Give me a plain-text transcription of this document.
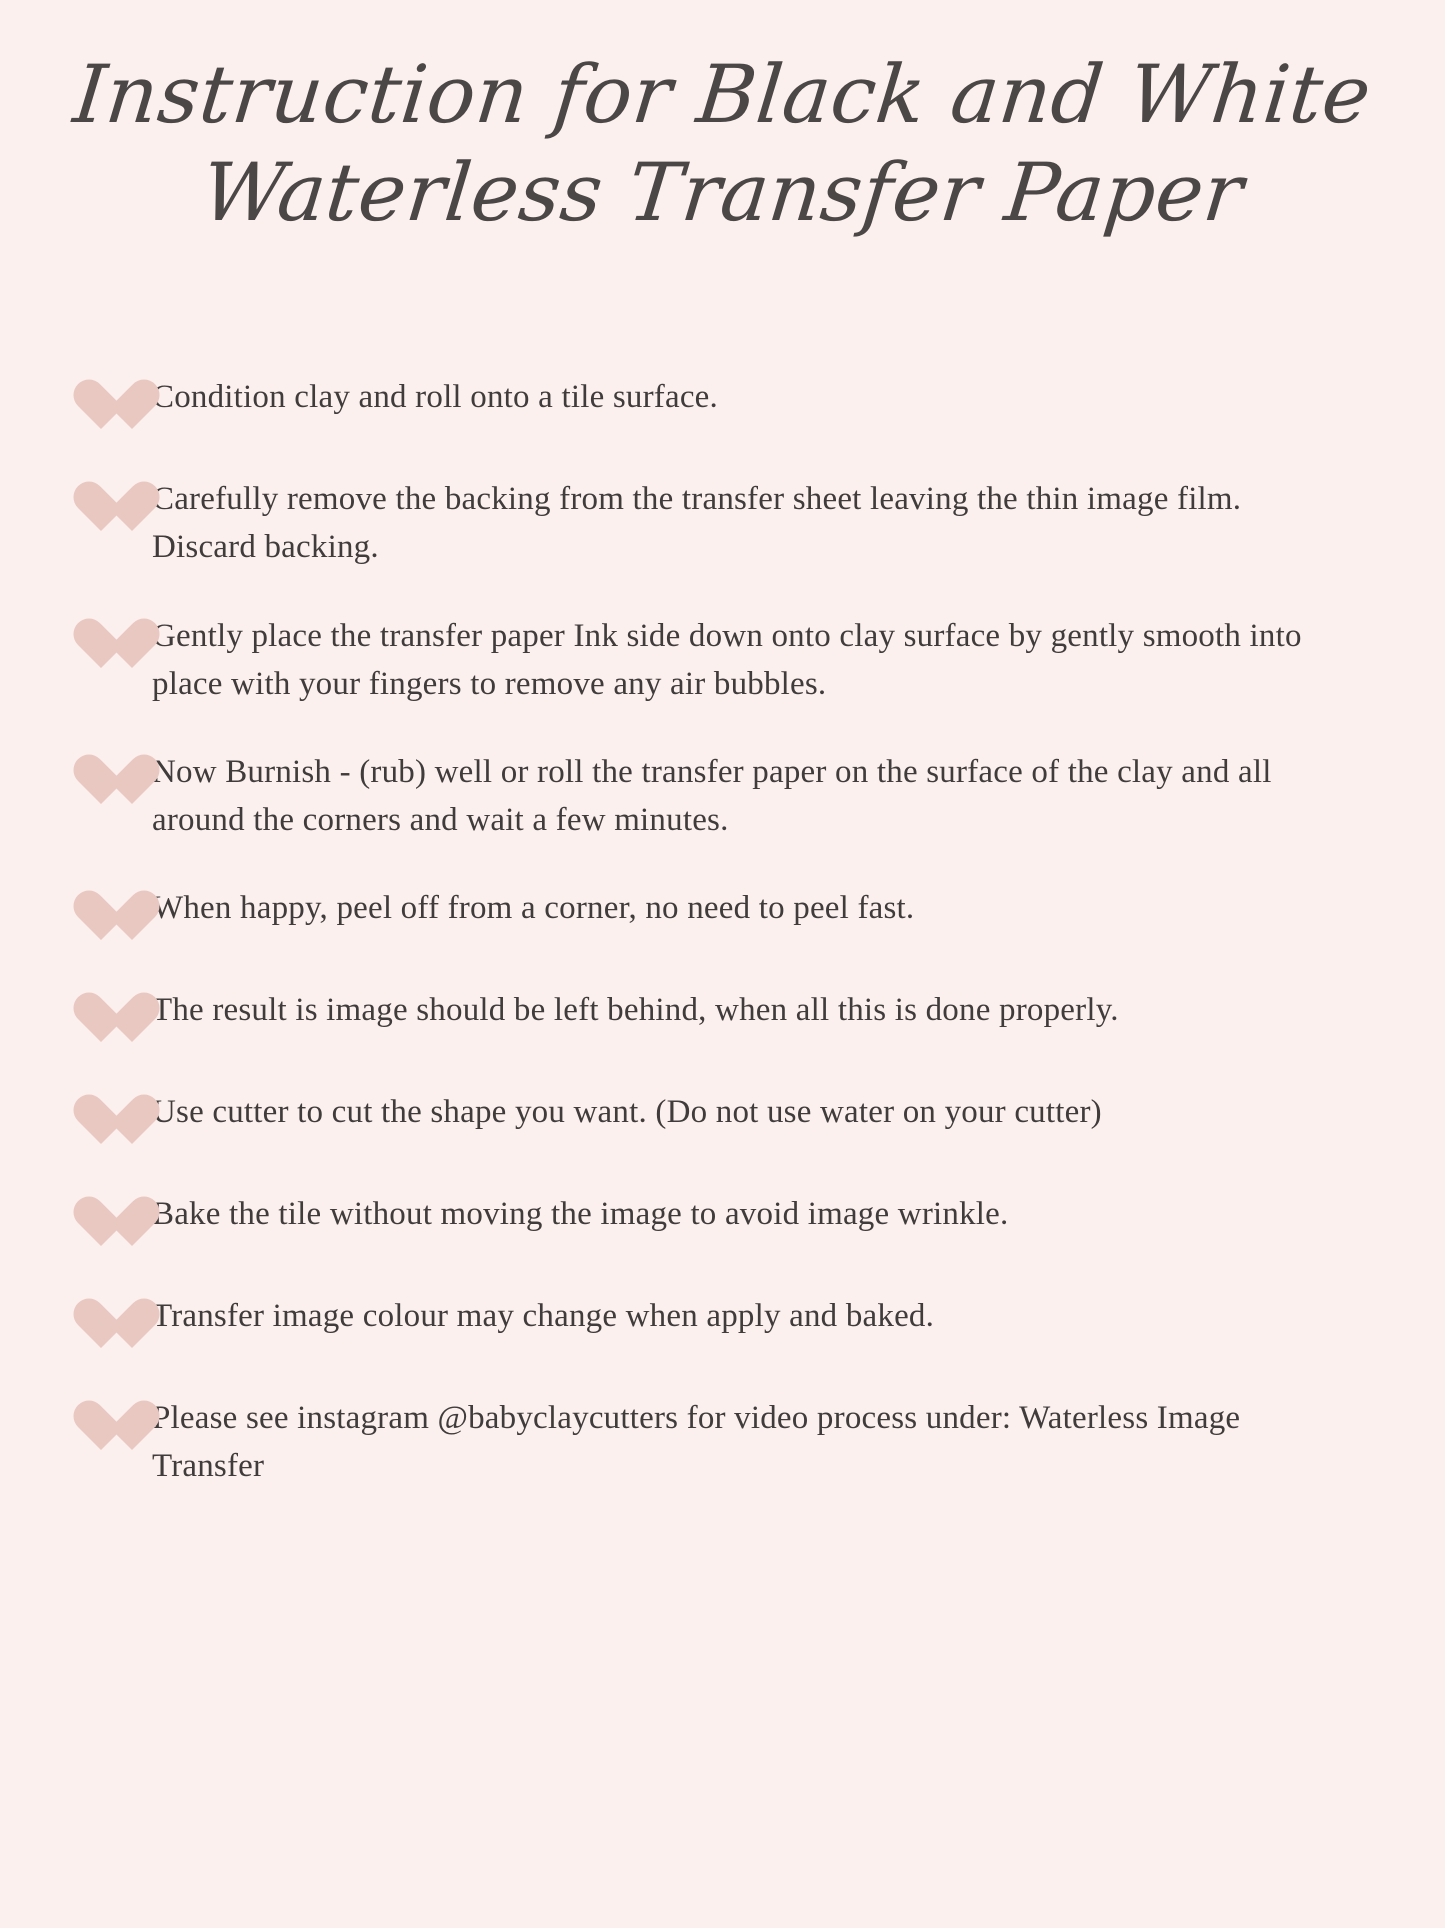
Instruction for Black and White
Waterless Transfer Paper
Condition clay and roll onto a tile surface.
Carefully remove the backing from the transfer sheet leaving the thin image film. Discard backing.
Gently place the transfer paper Ink side down onto clay surface by gently smooth into place with your fingers to remove any air bubbles.
Now Burnish - (rub) well or roll the transfer paper on the surface of the clay and all around the corners and wait a few minutes.
When happy, peel off from a corner, no need to peel fast.
The result is image should be left behind, when all this is done properly.
Use cutter to cut the shape you want. (Do not use water on your cutter)
Bake the tile without moving the image to avoid image wrinkle.
Transfer image colour may change when apply and baked.
Please see instagram @babyclaycutters for video process under: Waterless Image Transfer
